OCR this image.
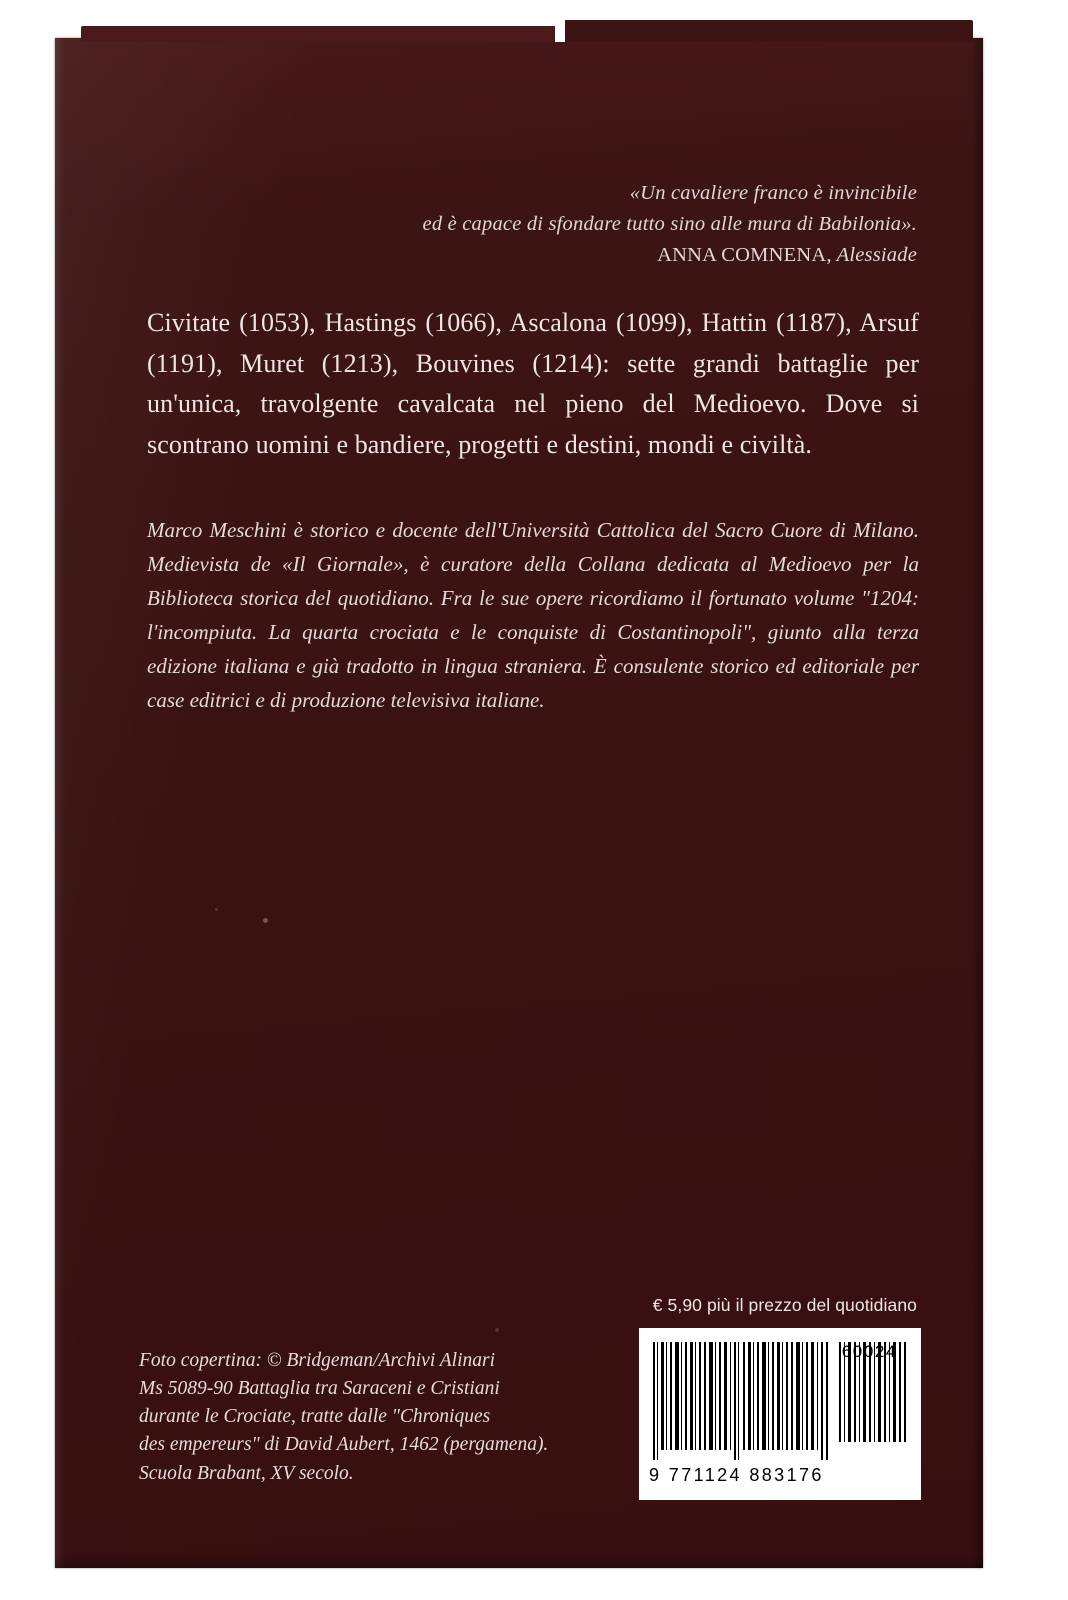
«Un cavaliere franco è invincibile
ed è capace di sfondare tutto sino alle mura di Babilonia».
ANNA COMNENA, Alessiade
Civitate (1053), Hastings (1066), Ascalona (1099), Hattin (1187), Arsuf (1191), Muret (1213), Bouvines (1214): sette grandi battaglie per un'unica, travolgente cavalcata nel pieno del Medioevo. Dove si scontrano uomini e bandiere, progetti e destini, mondi e civiltà.
Marco Meschini è storico e docente dell'Università Cattolica del Sacro Cuore di Milano. Medievista de «Il Giornale», è curatore della Collana dedicata al Medioevo per la Biblioteca storica del quotidiano. Fra le sue opere ricordiamo il fortunato volume "1204: l'incompiuta. La quarta crociata e le conquiste di Costantinopoli", giunto alla terza edizione italiana e già tradotto in lingua straniera. È consulente storico ed editoriale per case editrici e di produzione televisiva italiane.
€ 5,90 più il prezzo del quotidiano
Foto copertina: © Bridgeman/Archivi Alinari
Ms 5089-90 Battaglia tra Saraceni e Cristiani
durante le Crociate, tratte dalle "Chroniques
des empereurs" di David Aubert, 1462 (pergamena).
Scuola Brabant, XV secolo.
60024
9 771124 883176
